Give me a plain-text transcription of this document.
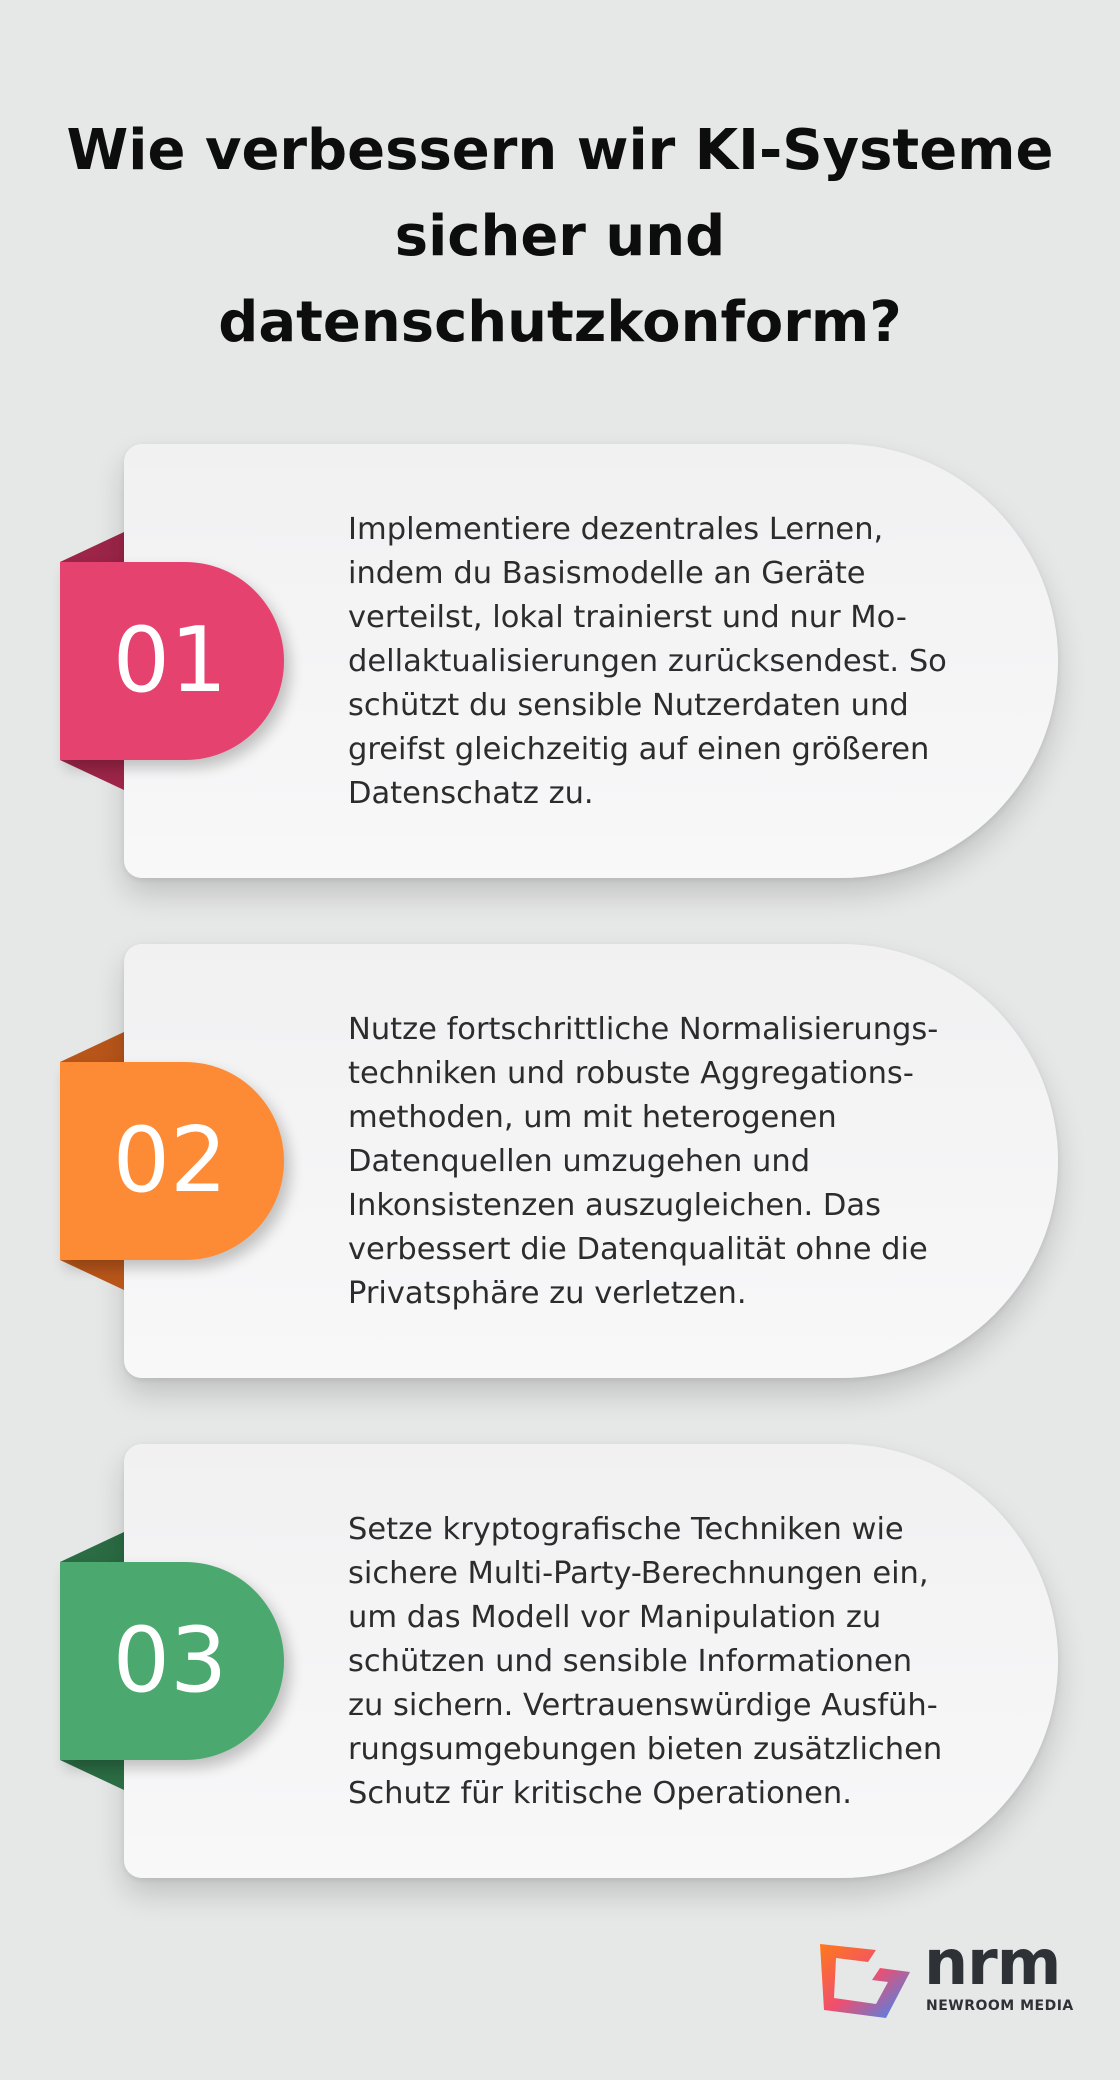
Wie verbessern wir KI-Systeme
sicher und
datenschutzkonform?
01

Implementiere dezentrales Lernen,
indem du Basismodelle an Geräte
verteilst, lokal trainierst und nur Mo-
dellaktualisierungen zurücksendest. So
schützt du sensible Nutzerdaten und
greifst gleichzeitig auf einen größeren
Datenschatz zu.

02

Nutze fortschrittliche Normalisierungs-
techniken und robuste Aggregations-
methoden, um mit heterogenen
Datenquellen umzugehen und
Inkonsistenzen auszugleichen. Das
verbessert die Datenqualität ohne die
Privatsphäre zu verletzen.

03

Setze kryptografische Techniken wie
sichere Multi-Party-Berechnungen ein,
um das Modell vor Manipulation zu
schützen und sensible Informationen
zu sichern. Vertrauenswürdige Ausfüh-
rungsumgebungen bieten zusätzlichen
Schutz für kritische Operationen.

nrm
NEWROOM MEDIA
